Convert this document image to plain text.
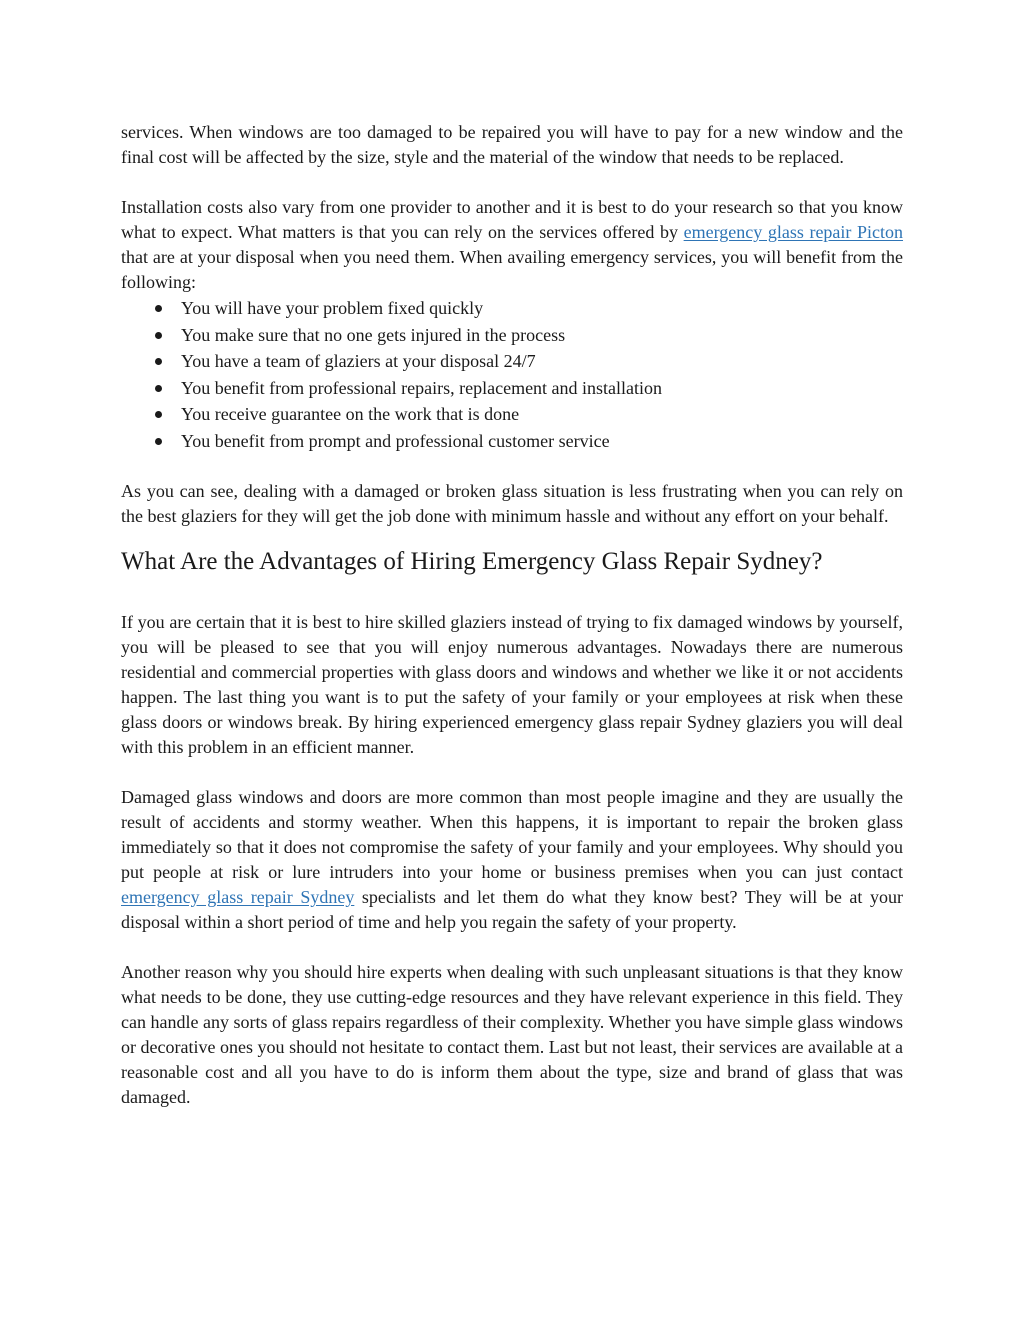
services. When windows are too damaged to be repaired you will have to pay for a new window and the final cost will be affected by the size, style and the material of the window that needs to be replaced.

Installation costs also vary from one provider to another and it is best to do your research so that you know what to expect. What matters is that you can rely on the services offered by emergency glass repair Picton that are at your disposal when you need them. When availing emergency services, you will benefit from the following:

You will have your problem fixed quickly
You make sure that no one gets injured in the process
You have a team of glaziers at your disposal 24/7
You benefit from professional repairs, replacement and installation
You receive guarantee on the work that is done
You benefit from prompt and professional customer service

As you can see, dealing with a damaged or broken glass situation is less frustrating when you can rely on the best glaziers for they will get the job done with minimum hassle and without any effort on your behalf.

What Are the Advantages of Hiring Emergency Glass Repair Sydney?

If you are certain that it is best to hire skilled glaziers instead of trying to fix damaged windows by yourself, you will be pleased to see that you will enjoy numerous advantages. Nowadays there are numerous residential and commercial properties with glass doors and windows and whether we like it or not accidents happen. The last thing you want is to put the safety of your family or your employees at risk when these glass doors or windows break. By hiring experienced emergency glass repair Sydney glaziers you will deal with this problem in an efficient manner.

Damaged glass windows and doors are more common than most people imagine and they are usually the result of accidents and stormy weather. When this happens, it is important to repair the broken glass immediately so that it does not compromise the safety of your family and your employees. Why should you put people at risk or lure intruders into your home or business premises when you can just contact emergency glass repair Sydney specialists and let them do what they know best? They will be at your disposal within a short period of time and help you regain the safety of your property.

Another reason why you should hire experts when dealing with such unpleasant situations is that they know what needs to be done, they use cutting-edge resources and they have relevant experience in this field. They can handle any sorts of glass repairs regardless of their complexity. Whether you have simple glass windows or decorative ones you should not hesitate to contact them. Last but not least, their services are available at a reasonable cost and all you have to do is inform them about the type, size and brand of glass that was damaged.
